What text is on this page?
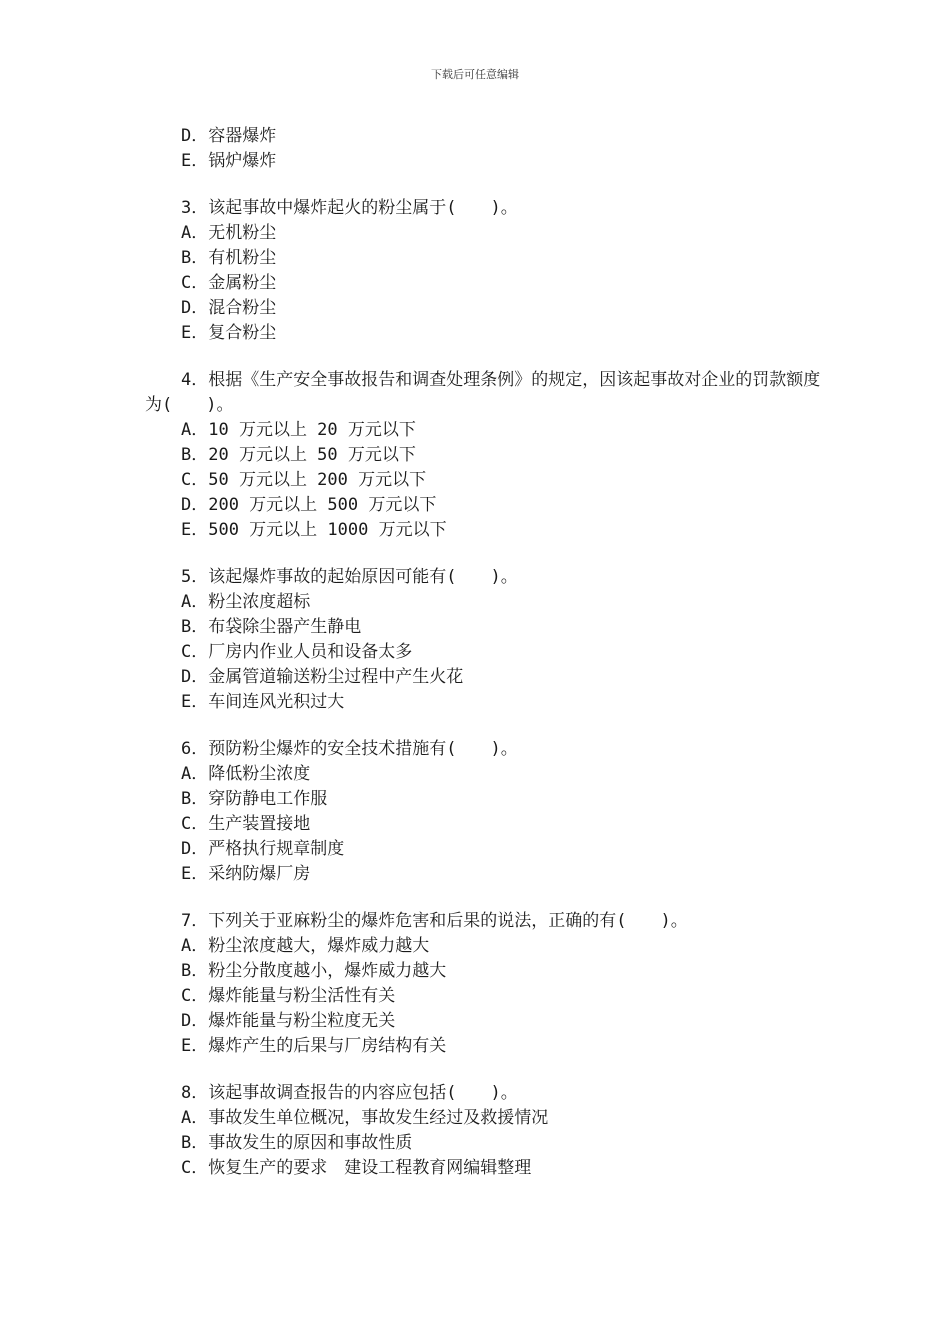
下载后可任意编辑
D．容器爆炸
E．锅炉爆炸
3．该起事故中爆炸起火的粉尘属于(　　)。
A．无机粉尘
B．有机粉尘
C．金属粉尘
D．混合粉尘
E．复合粉尘
4．根据《生产安全事故报告和调查处理条例》的规定，因该起事故对企业的罚款额度为(　　)。
A．10 万元以上 20 万元以下
B．20 万元以上 50 万元以下
C．50 万元以上 200 万元以下
D．200 万元以上 500 万元以下
E．500 万元以上 1000 万元以下
5．该起爆炸事故的起始原因可能有(　　)。
A．粉尘浓度超标
B．布袋除尘器产生静电
C．厂房内作业人员和设备太多
D．金属管道输送粉尘过程中产生火花
E．车间连风光积过大
6．预防粉尘爆炸的安全技术措施有(　　)。
A．降低粉尘浓度
B．穿防静电工作服
C．生产装置接地
D．严格执行规章制度
E．采纳防爆厂房
7．下列关于亚麻粉尘的爆炸危害和后果的说法，正确的有(　　)。
A．粉尘浓度越大，爆炸威力越大
B．粉尘分散度越小，爆炸威力越大
C．爆炸能量与粉尘活性有关
D．爆炸能量与粉尘粒度无关
E．爆炸产生的后果与厂房结构有关
8．该起事故调查报告的内容应包括(　　)。
A．事故发生单位概况，事故发生经过及救援情况
B．事故发生的原因和事故性质
C．恢复生产的要求　建设工程教育网编辑整理
